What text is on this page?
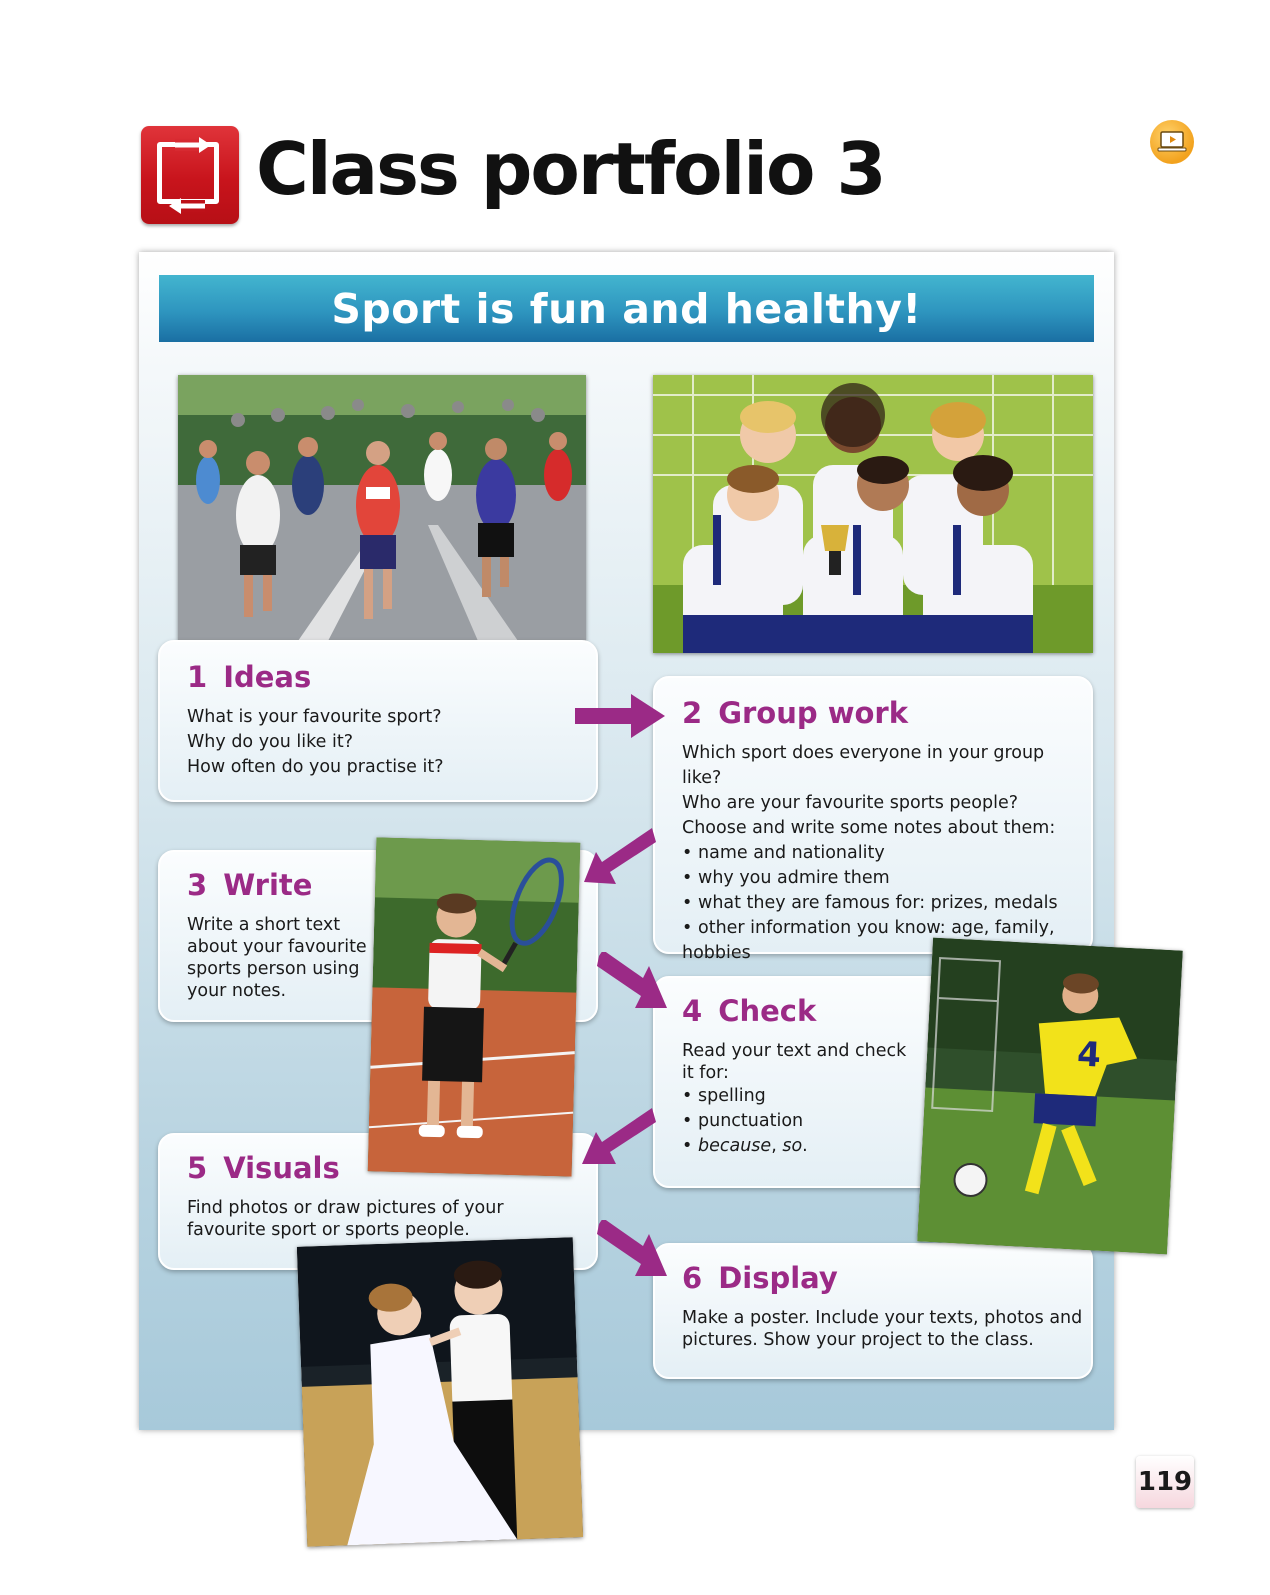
Class portfolio 3
Sport is fun and healthy!
1 Ideas

What is your favourite sport?

Why do you like it?

How often do you practise it?

2 Group work

Which sport does everyone in your group like?

Who are your favourite sports people?

Choose and write some notes about them:

• name and nationality
• why you admire them
• what they are famous for: prizes, medals
• other information you know: age, family, hobbies
3 Write

Write a short text

about your favourite

sports person using

your notes.

4 Check

Read your text and check

it for:

• spelling
• punctuation
• because, so.
5 Visuals

Find photos or draw pictures of your

favourite sport or sports people.

6 Display

Make a poster. Include your texts, photos and

pictures. Show your project to the class.

4
119
